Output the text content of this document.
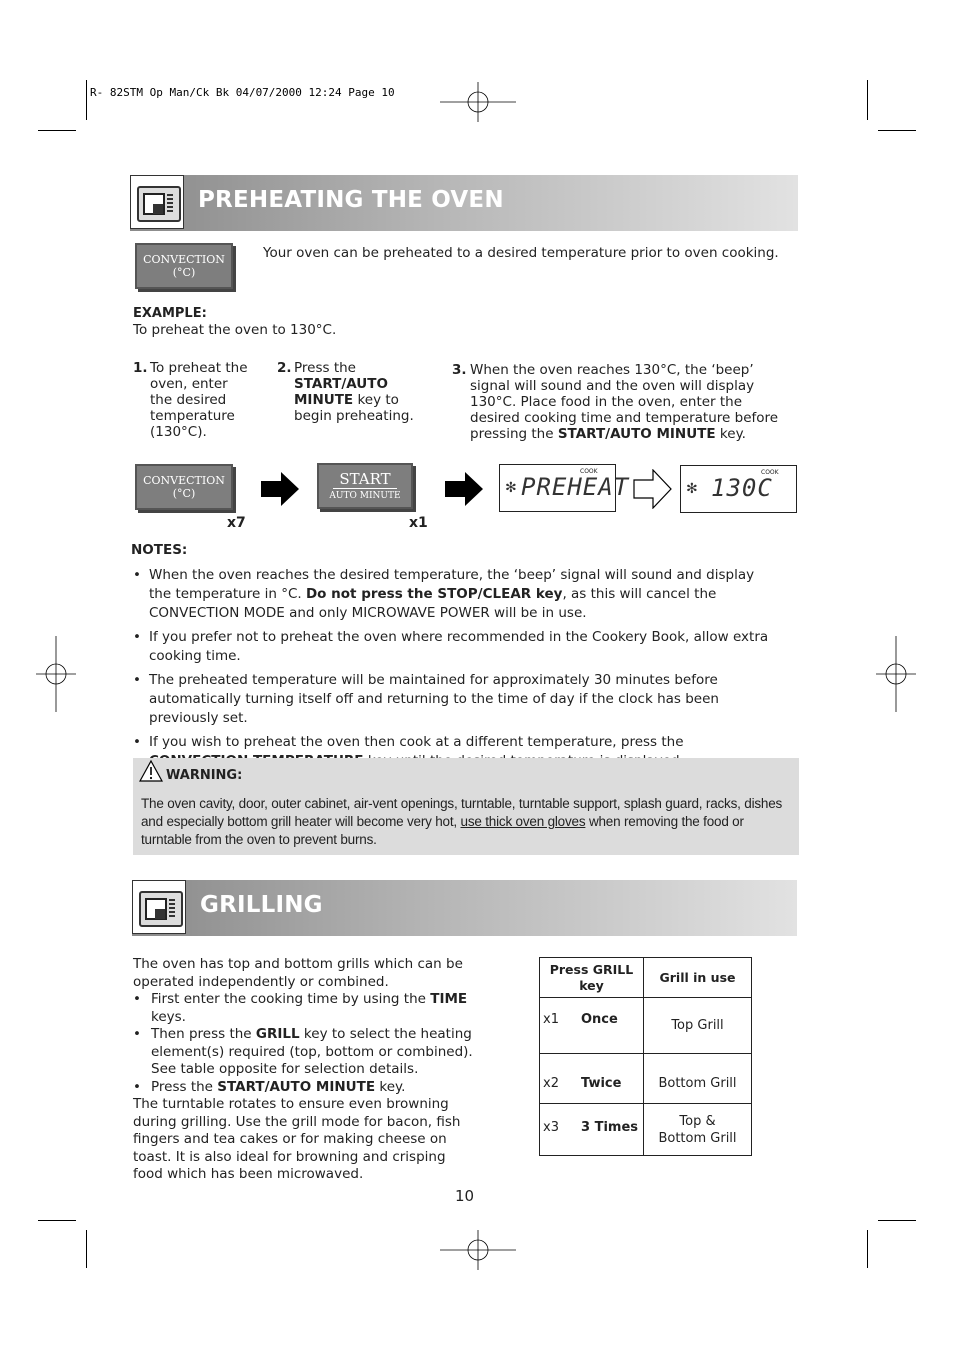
R- 82STM Op Man/Ck Bk 04/07/2000 12:24 Page 10
PREHEATING THE OVEN
CONVECTION
(°C)
Your oven can be preheated to a desired temperature prior to oven cooking.
EXAMPLE:
To preheat the oven to 130°C.
1. To preheat the oven, enter the desired temperature (130°C).
2. Press the START/AUTO MINUTE key to begin preheating.
3. When the oven reaches 130°C, the ‘beep’ signal will sound and the oven will display 130°C. Place food in the oven, enter the desired cooking time and temperature before pressing the START/AUTO MINUTE key.
CONVECTION
(°C)
START
AUTO MINUTE
COOK
✻ PREHEAT
COOK
✻ 130C
x7	x1
NOTES:
• When the oven reaches the desired temperature, the ‘beep’ signal will sound and display the temperature in °C. Do not press the STOP/CLEAR key, as this will cancel the CONVECTION MODE and only MICROWAVE POWER will be in use.
• If you prefer not to preheat the oven where recommended in the Cookery Book, allow extra cooking time.
• The preheated temperature will be maintained for approximately 30 minutes before automatically turning itself off and returning to the time of day if the clock has been previously set.
• If you wish to preheat the oven then cook at a different temperature, press the
WARNING:
The oven cavity, door, outer cabinet, air-vent openings, turntable, turntable support, splash guard, racks, dishes and especially bottom grill heater will become very hot, use thick oven gloves when removing the food or turntable from the oven to prevent burns.
GRILLING
The oven has top and bottom grills which can be operated independently or combined.
• First enter the cooking time by using the TIME keys.
• Then press the GRILL key to select the heating element(s) required (top, bottom or combined). See table opposite for selection details.
• Press the START/AUTO MINUTE key.
The turntable rotates to ensure even browning during grilling. Use the grill mode for bacon, fish fingers and tea cakes or for making cheese on toast. It is also ideal for browning and crisping food which has been microwaved.
Press GRILL key	Grill in use

x1 Once	Top Grill

x2 Twice	Bottom Grill

x3 3 Times	Top & Bottom Grill
10
